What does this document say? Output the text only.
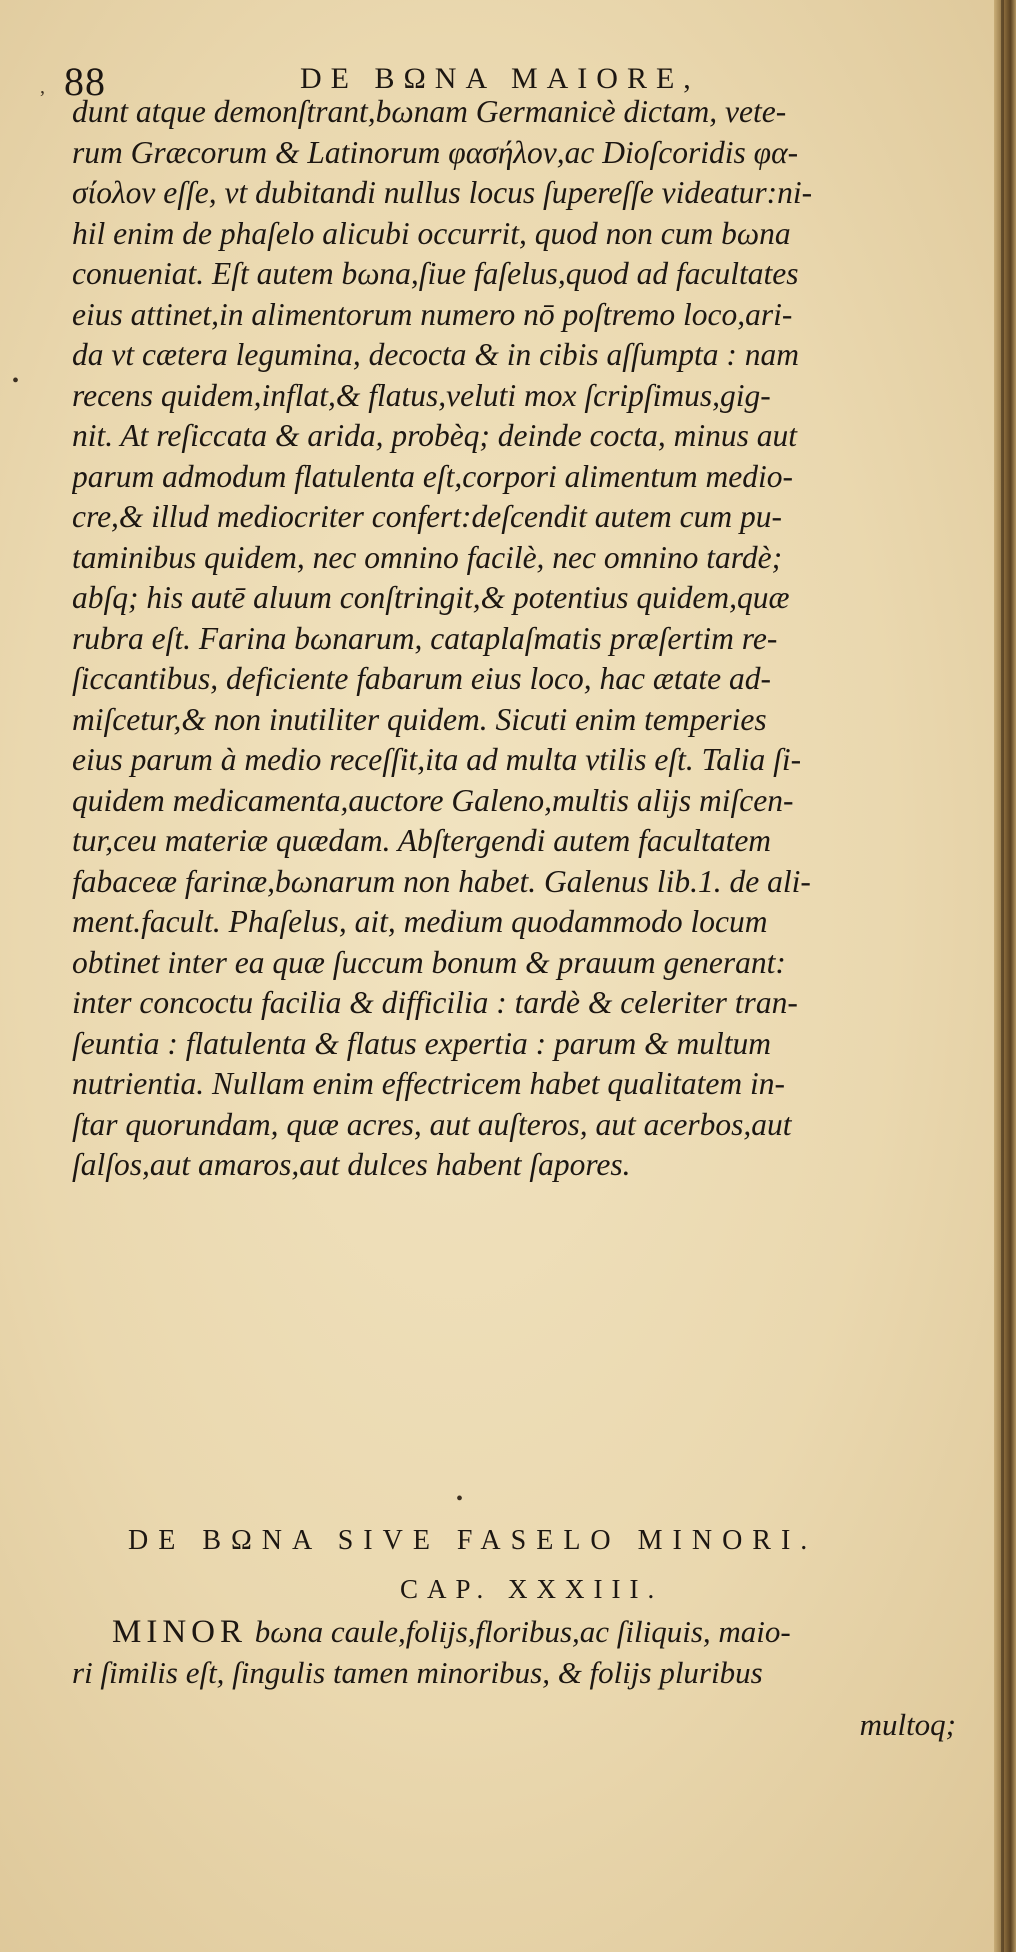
,
•
88	DE BΩNA MAIORE,
dunt atque demonſtrant,bωnam Germanicè dictam, vete-
rum Græcorum & Latinorum φασήλον,ac Dioſcoridis φα-
σίολον eſſe, vt dubitandi nullus locus ſupereſſe videatur:ni-
hil enim de phaſelo alicubi occurrit, quod non cum bωna
conueniat. Eſt autem bωna,ſiue faſelus,quod ad facultates
eius attinet,in alimentorum numero nō poſtremo loco,ari-
da vt cætera legumina, decocta & in cibis aſſumpta : nam
recens quidem,inflat,& flatus,veluti mox ſcripſimus,gig-
nit. At reſiccata & arida, probèq; deinde cocta, minus aut
parum admodum flatulenta eſt,corpori alimentum medio-
cre,& illud mediocriter confert:deſcendit autem cum pu-
taminibus quidem, nec omnino facilè, nec omnino tardè;
abſq; his autē aluum conſtringit,& potentius quidem,quæ
rubra eſt. Farina bωnarum, cataplaſmatis præſertim re-
ſiccantibus, deficiente fabarum eius loco, hac ætate ad-
miſcetur,& non inutiliter quidem. Sicuti enim temperies
eius parum à medio receſſit,ita ad multa vtilis eſt. Talia ſi-
quidem medicamenta,auctore Galeno,multis alijs miſcen-
tur,ceu materiæ quædam. Abſtergendi autem facultatem
fabaceæ farinæ,bωnarum non habet. Galenus lib.1. de ali-
ment.facult. Phaſelus, ait, medium quodammodo locum
obtinet inter ea quæ ſuccum bonum & prauum generant:
inter concoctu facilia & difficilia : tardè & celeriter tran-
ſeuntia : flatulenta & flatus expertia : parum & multum
nutrientia. Nullam enim effectricem habet qualitatem in-
ſtar quorundam, quæ acres, aut auſteros, aut acerbos,aut
ſalſos,aut amaros,aut dulces habent ſapores.
•
DE BΩNA SIVE FASELO MINORI.
CAP. XXXIII.
MINOR bωna caule,folijs,floribus,ac ſiliquis, maio-
ri ſimilis eſt, ſingulis tamen minoribus, & folijs pluribus
multoq;
